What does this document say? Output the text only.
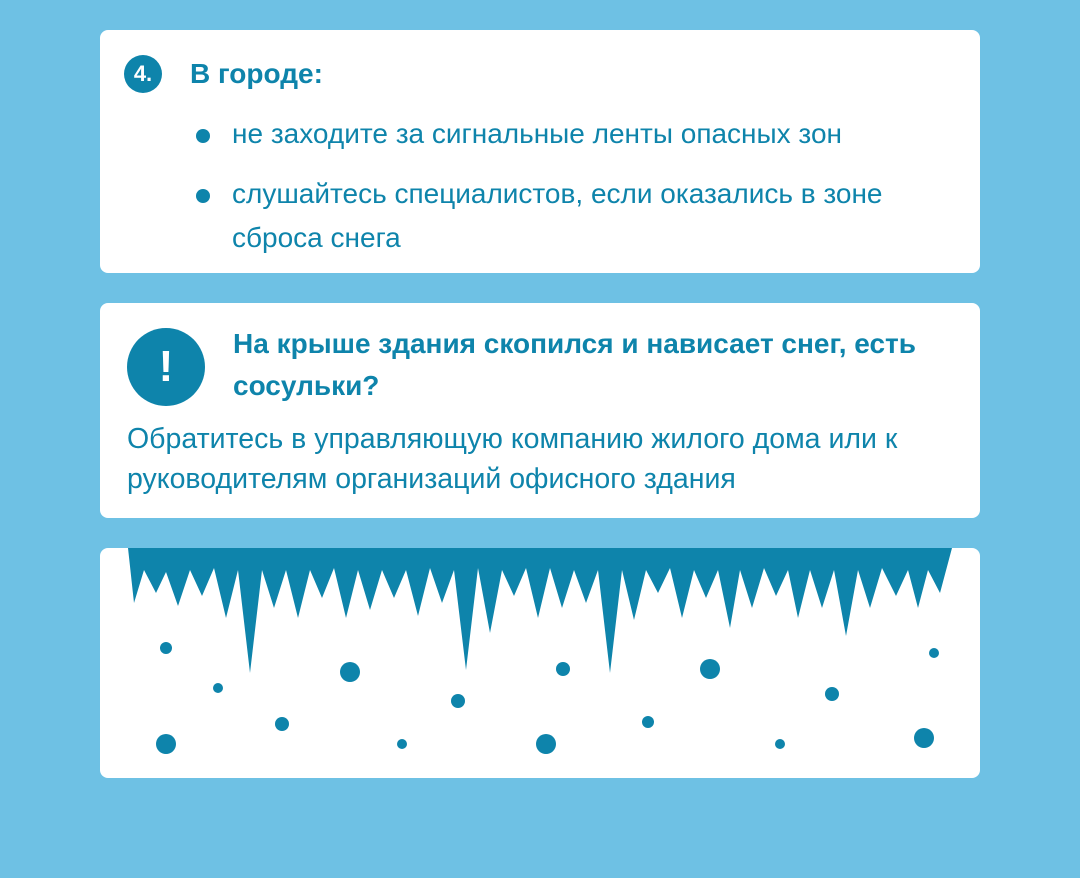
4.	В городе:
не заходите за сигнальные ленты опасных зон
слушайтесь специалистов, если оказались в зоне сброса снега
!	На крыше здания скопился и нависает снег, есть сосульки?
Обратитесь в управляющую компанию жилого дома или к руководителям организаций офисного здания
